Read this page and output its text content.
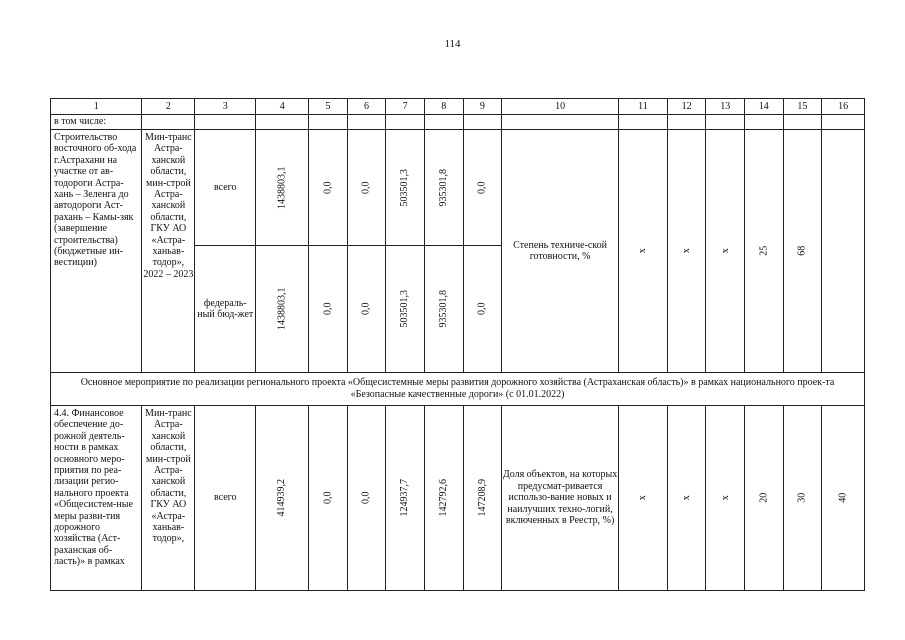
114
1	2	3	4	5	6	7	8	9	10	11	12	13	14	15	16
в том числе:															
Строительство восточного об-хода г.Астрахани на участке от ав-тодороги Астра-хань – Зеленга до автодороги Аст-рахань – Камы-зяк (завершение строительства) (бюджетные ин-вестиции)	Мин-транс Астра-ханской области, мин-строй Астра-ханской области, ГКУ АО «Астра-ханьав-тодор», 2022 – 2023	всего	1438803,1	0,0	0,0	503501,3	935301,8	0,0	Степень техниче-ской готовности, %	х	х	х	25	68	
		федераль-ный бюд-жет	1438803,1	0,0	0,0	503501,3	935301,8	0,0							
Основное мероприятие по реализации регионального проекта «Общесистемные меры развития дорожного хозяйства (Астраханская область)» в рамках национального проек-та «Безопасные качественные дороги» (с 01.01.2022)															
4.4. Финансовое обеспечение до-рожной деятель-ности в рамках основного меро-приятия по реа-лизации регио-нального проекта «Общесистем-ные меры разви-тия дорожного хозяйства (Аст-раханская об-ласть)» в рамках	Мин-транс Астра-ханской области, мин-строй Астра-ханской области, ГКУ АО «Астра-ханьав-тодор»,	всего	414939,2	0,0	0,0	124937,7	142792,6	147208,9	Доля объектов, на которых предусмат-ривается использо-вание новых и наилучших техно-логий, включенных в Реестр, %)	х	х	х	20	30	40
